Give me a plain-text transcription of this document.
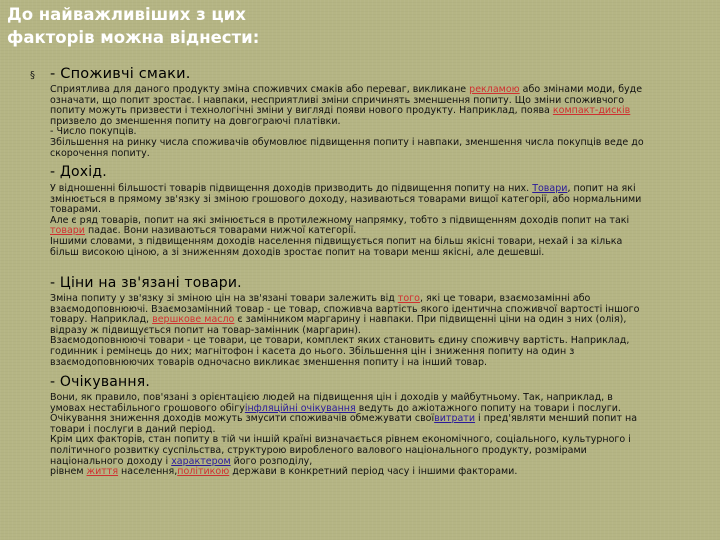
До найважливіших з цих
факторів можна віднести:
§ - Споживчі смаки.
Сприятлива для даного продукту зміна споживчих смаків або переваг, викликане рекламою або змінами моди, буде означати, що попит зростає. І навпаки, несприятливі зміни спричинять зменшення попиту. Що зміни споживчого попиту можуть призвести і технологічні зміни у вигляді появи нового продукту. Наприклад, поява компакт-дисків призвело до зменшення попиту на довгограючі платівки.
- Число покупців.
Збільшення на ринку числа споживачів обумовлює підвищення попиту і навпаки, зменшення числа покупців веде до скорочення попиту.
- Дохід.
У відношенні більшості товарів підвищення доходів призводить до підвищення попиту на них. Товари, попит на які змінюється в прямому зв'язку зі зміною грошового доходу, називаються товарами вищої категорії, або нормальними товарами.
Але є ряд товарів, попит на які змінюється в протилежному напрямку, тобто з підвищенням доходів попит на такі товари падає. Вони називаються товарами нижчої категорії.
Іншими словами, з підвищенням доходів населення підвищується попит на більш якісні товари, нехай і за кілька більш високою ціною, а зі зниженням доходів зростає попит на товари менш якісні, але дешевші.
- Ціни на зв'язані товари.
Зміна попиту у зв'язку зі зміною цін на зв'язані товари залежить від того, які це товари, взаємозамінні або взаємодоповнюючі. Взаємозамінний товар - це товар, споживча вартість якого ідентична споживчої вартості іншого товару. Наприклад, вершкове масло є замінником маргарину і навпаки. При підвищенні ціни на один з них (олія), відразу ж підвищується попит на товар-замінник (маргарин).
Взаємодоповнюючі товари - це товари, це товари, комплект яких становить єдину споживчу вартість. Наприклад, годинник і ремінець до них; магнітофон і касета до нього. Збільшення цін і зниження попиту на один з взаємодоповнюючих товарів одночасно викликає зменшення попиту і на інший товар.
- Очікування.
Вони, як правило, пов'язані з орієнтацією людей на підвищення цін і доходів у майбутньому. Так, наприклад, в умовах нестабільного грошового обігуінфляційні очікування ведуть до ажіотажного попиту на товари і послуги. Очікування зниження доходів можуть змусити споживачів обмежувати своївитрати і пред'являти менший попит на товари і послуги в даний період.
Крім цих факторів, стан попиту в тій чи іншій країні визначається рівнем економічного, соціального, культурного і політичного розвитку суспільства, структурою виробленого валового національного продукту, розмірами національного доходу і характером його розподілу,
рівнем життя населення,політикою держави в конкретний період часу і іншими факторами.
